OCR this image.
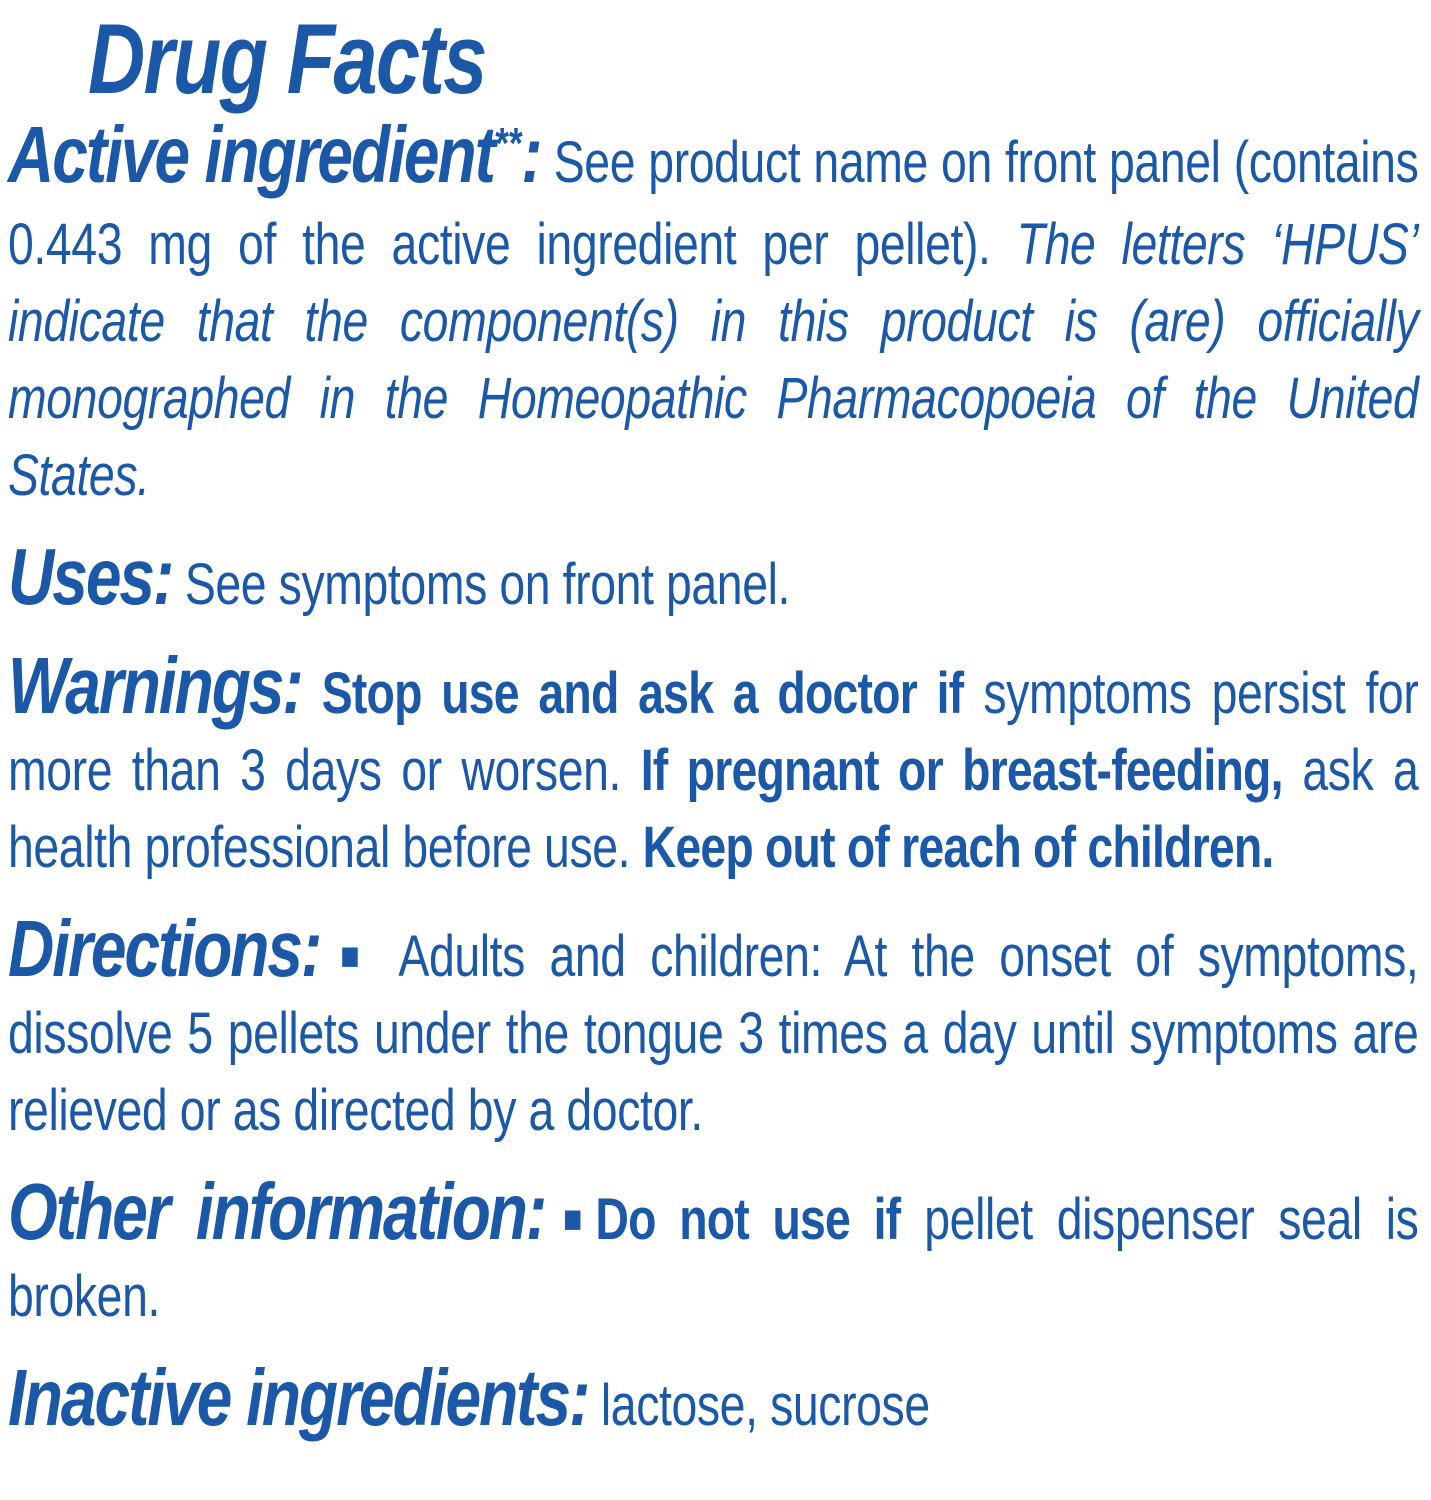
Drug Facts

Active ingredient**: See product name on front panel (contains 0.443 mg of the active ingredient per pellet). The letters ‘HPUS’ indicate that the component(s) in this product is (are) officially monographed in the Homeopathic Pharmacopoeia of the United States.

Uses: See symptoms on front panel.

Warnings: Stop use and ask a doctor if symptoms persist for more than 3 days or worsen. If pregnant or breast-feeding, ask a health professional before use. Keep out of reach of children.

Directions: ■ Adults and children: At the onset of symptoms, dissolve 5 pellets under the tongue 3 times a day until symptoms are relieved or as directed by a doctor.

Other information: ■Do not use if pellet dispenser seal is broken.

Inactive ingredients: lactose, sucrose
